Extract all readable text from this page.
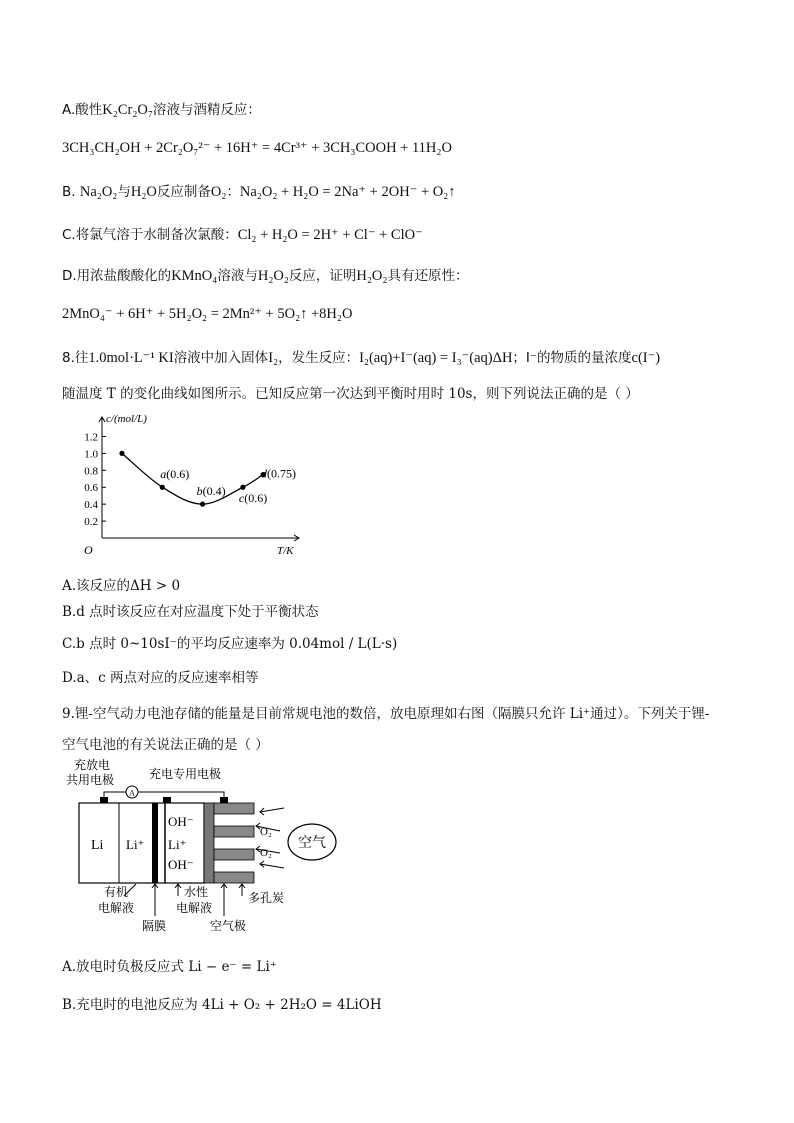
A.酸性K₂Cr₂O₇溶液与酒精反应：
3CH₃CH₂OH + 2Cr₂O₇²⁻ + 16H⁺ = 4Cr³⁺ + 3CH₃COOH + 11H₂O
B. Na₂O₂与H₂O反应制备O₂：Na₂O₂ + H₂O = 2Na⁺ + 2OH⁻ + O₂↑
C.将氯气溶于水制备次氯酸：Cl₂ + H₂O = 2H⁺ + Cl⁻ + ClO⁻
D.用浓盐酸酸化的KMnO₄溶液与H₂O₂反应，证明H₂O₂具有还原性：
2MnO₄⁻ + 6H⁺ + 5H₂O₂ = 2Mn²⁺ + 5O₂↑ +8H₂O
8.往1.0mol·L⁻¹ KI溶液中加入固体I₂，发生反应：I₂(aq)+I⁻(aq) = I₃⁻(aq)ΔH；I⁻的物质的量浓度c(I⁻)
随温度 T 的变化曲线如图所示。已知反应第一次达到平衡时用时 10s，则下列说法正确的是（ ）
c/(mol/L)
T/K
O
1.2
1.0
0.8
0.6
0.4
0.2
a(0.6)
b(0.4)
c(0.6)
d(0.75)
A.该反应的ΔH > 0
B.d 点时该反应在对应温度下处于平衡状态
C.b 点时 0~10sI⁻的平均反应速率为 0.04mol / L(L·s)
D.a、c 两点对应的反应速率相等
9.锂-空气动力电池存储的能量是目前常规电池的数倍，放电原理如右图（隔膜只允许 Li⁺通过）。下列关于锂-
空气电池的有关说法正确的是（ ）
充放电
共用电极	充电专用电极
A
Li Li⁺ Li⁺
OH⁻
OH⁻
O₂
O₂
空气
有机
电解液
水性
电解液
隔膜	空气极
多孔炭
A.放电时负极反应式 Li − e⁻ = Li⁺
B.充电时的电池反应为 4Li + O₂ + 2H₂O = 4LiOH
